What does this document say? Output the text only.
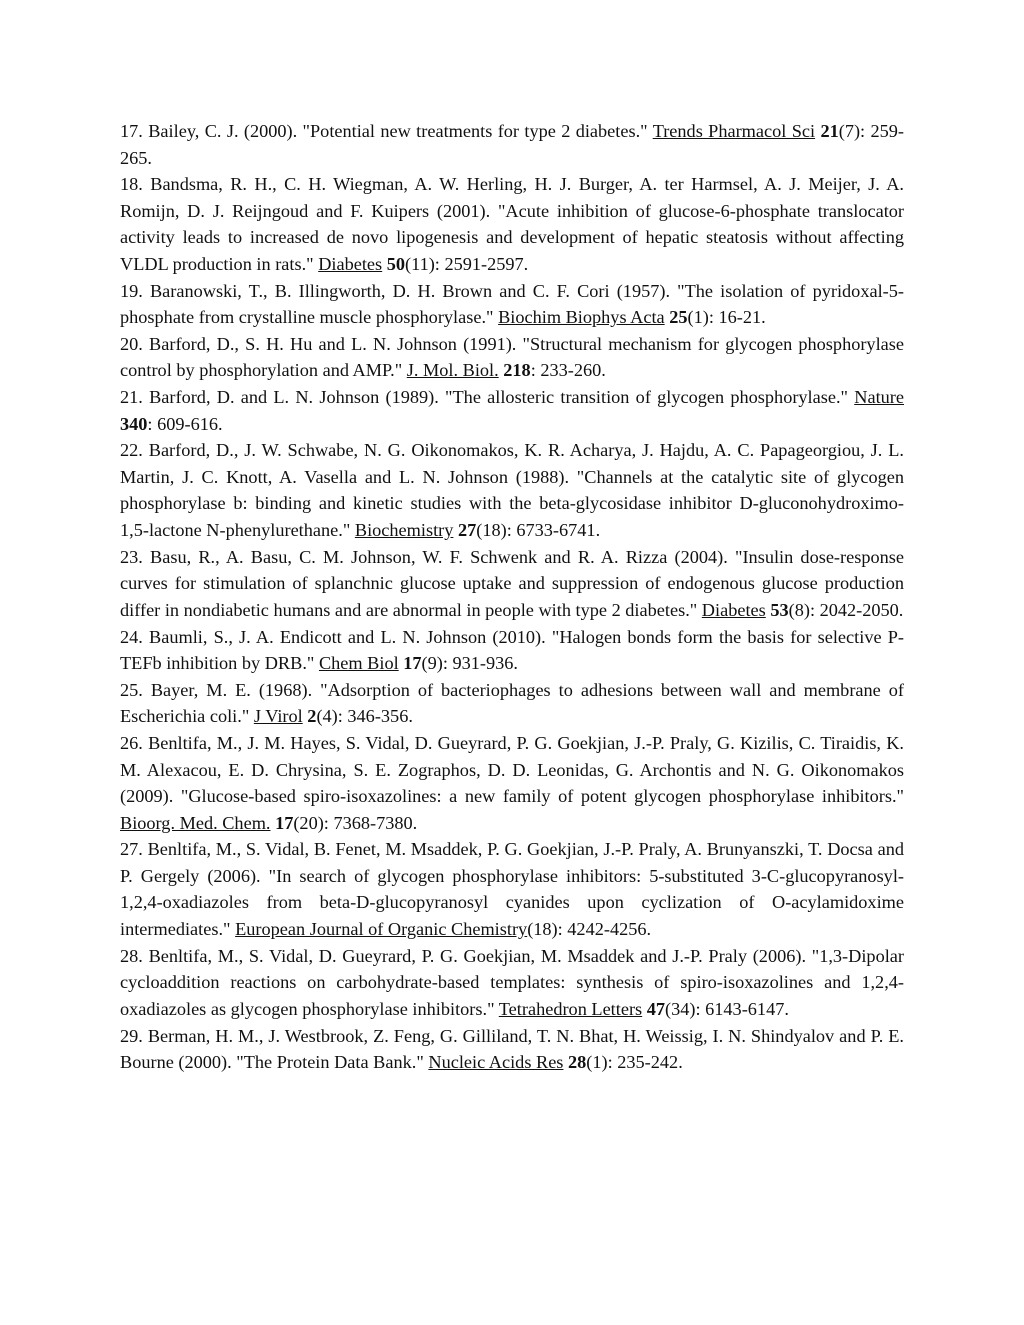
17. Bailey, C. J. (2000). "Potential new treatments for type 2 diabetes." Trends Pharmacol Sci 21(7): 259-265.

18. Bandsma, R. H., C. H. Wiegman, A. W. Herling, H. J. Burger, A. ter Harmsel, A. J. Meijer, J. A. Romijn, D. J. Reijngoud and F. Kuipers (2001). "Acute inhibition of glucose-6-phosphate translocator activity leads to increased de novo lipogenesis and development of hepatic steatosis without affecting VLDL production in rats." Diabetes 50(11): 2591-2597.

19. Baranowski, T., B. Illingworth, D. H. Brown and C. F. Cori (1957). "The isolation of pyridoxal-5-phosphate from crystalline muscle phosphorylase." Biochim Biophys Acta 25(1): 16-21.

20. Barford, D., S. H. Hu and L. N. Johnson (1991). "Structural mechanism for glycogen phosphorylase control by phosphorylation and AMP." J. Mol. Biol. 218: 233-260.

21. Barford, D. and L. N. Johnson (1989). "The allosteric transition of glycogen phosphorylase." Nature 340: 609-616.

22. Barford, D., J. W. Schwabe, N. G. Oikonomakos, K. R. Acharya, J. Hajdu, A. C. Papageorgiou, J. L. Martin, J. C. Knott, A. Vasella and L. N. Johnson (1988). "Channels at the catalytic site of glycogen phosphorylase b: binding and kinetic studies with the beta-glycosidase inhibitor D-gluconohydroximo- 1,5-lactone N-phenylurethane." Biochemistry 27(18): 6733-6741.

23. Basu, R., A. Basu, C. M. Johnson, W. F. Schwenk and R. A. Rizza (2004). "Insulin dose-response curves for stimulation of splanchnic glucose uptake and suppression of endogenous glucose production differ in nondiabetic humans and are abnormal in people with type 2 diabetes." Diabetes 53(8): 2042-2050.

24. Baumli, S., J. A. Endicott and L. N. Johnson (2010). "Halogen bonds form the basis for selective P-TEFb inhibition by DRB." Chem Biol 17(9): 931-936.

25. Bayer, M. E. (1968). "Adsorption of bacteriophages to adhesions between wall and membrane of Escherichia coli." J Virol 2(4): 346-356.

26. Benltifa, M., J. M. Hayes, S. Vidal, D. Gueyrard, P. G. Goekjian, J.-P. Praly, G. Kizilis, C. Tiraidis, K. M. Alexacou, E. D. Chrysina, S. E. Zographos, D. D. Leonidas, G. Archontis and N. G. Oikonomakos (2009). "Glucose-based spiro-isoxazolines: a new family of potent glycogen phosphorylase inhibitors." Bioorg. Med. Chem. 17(20): 7368-7380.

27. Benltifa, M., S. Vidal, B. Fenet, M. Msaddek, P. G. Goekjian, J.-P. Praly, A. Brunyanszki, T. Docsa and P. Gergely (2006). "In search of glycogen phosphorylase inhibitors: 5-substituted 3-C-glucopyranosyl-1,2,4-oxadiazoles from beta-D-glucopyranosyl cyanides upon cyclization of O-acylamidoxime intermediates." European Journal of Organic Chemistry(18): 4242-4256.

28. Benltifa, M., S. Vidal, D. Gueyrard, P. G. Goekjian, M. Msaddek and J.-P. Praly (2006). "1,3-Dipolar cycloaddition reactions on carbohydrate-based templates: synthesis of spiro-isoxazolines and 1,2,4-oxadiazoles as glycogen phosphorylase inhibitors." Tetrahedron Letters 47(34): 6143-6147.

29. Berman, H. M., J. Westbrook, Z. Feng, G. Gilliland, T. N. Bhat, H. Weissig, I. N. Shindyalov and P. E. Bourne (2000). "The Protein Data Bank." Nucleic Acids Res 28(1): 235-242.
